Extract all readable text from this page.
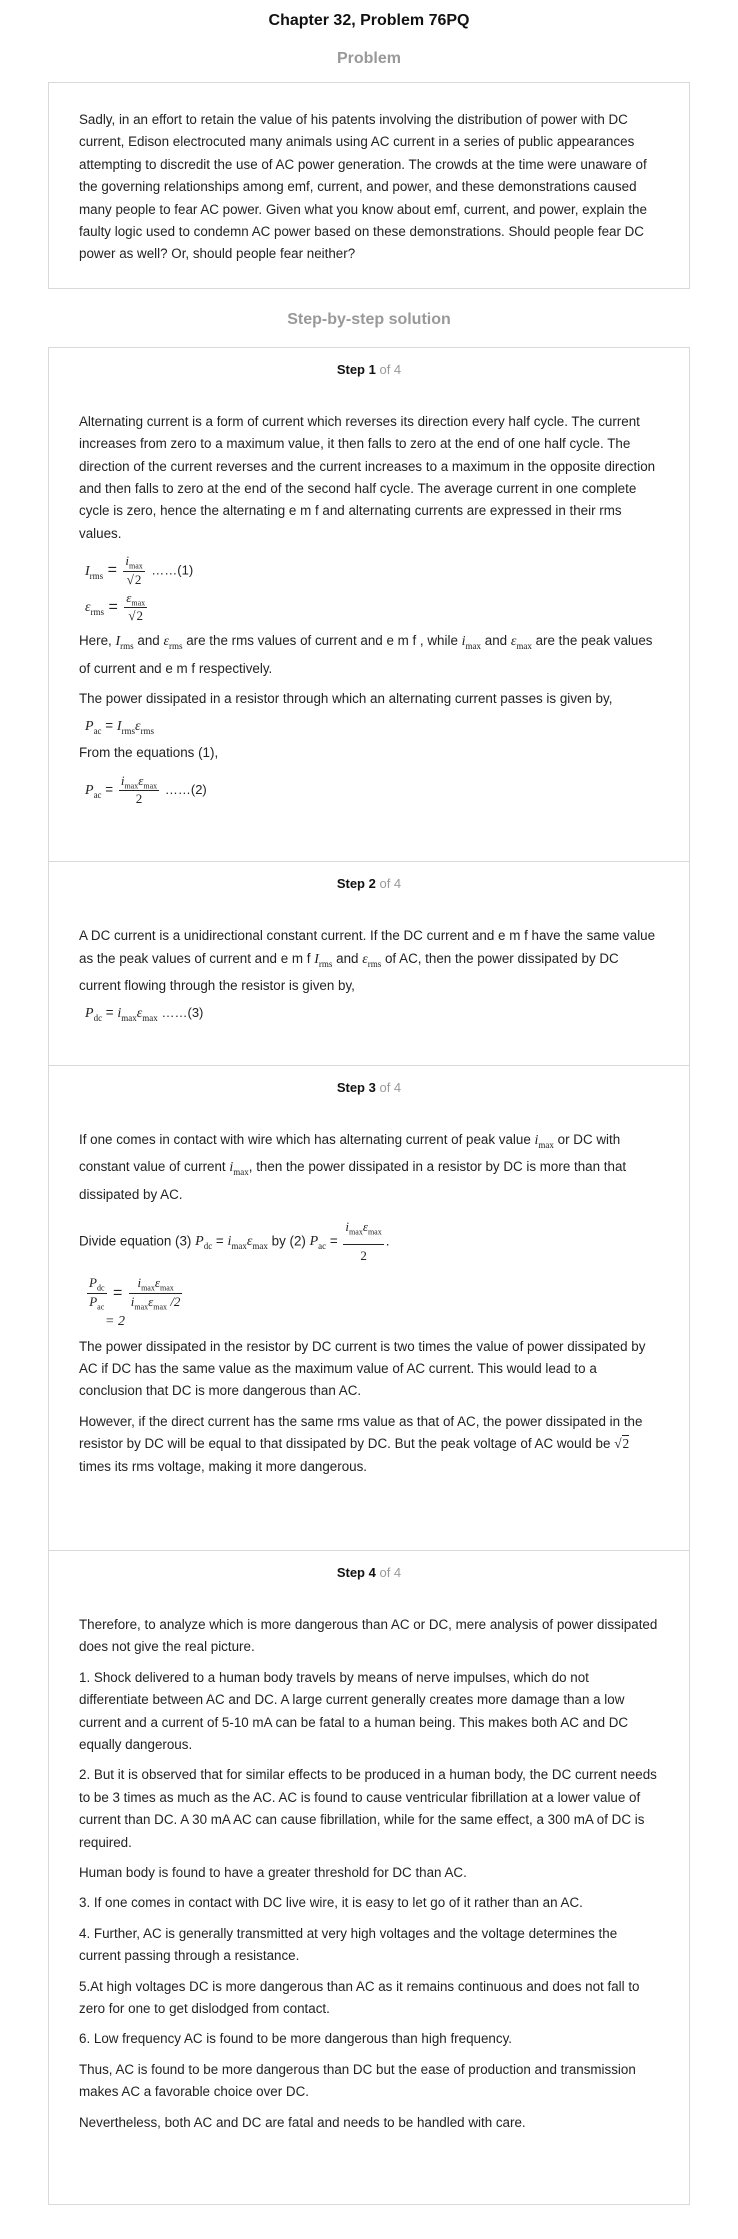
Chapter 32, Problem 76PQ
Problem

Sadly, in an effort to retain the value of his patents involving the distribution of power with DC current, Edison electrocuted many animals using AC current in a series of public appearances attempting to discredit the use of AC power generation. The crowds at the time were unaware of the governing relationships among emf, current, and power, and these demonstrations caused many people to fear AC power. Given what you know about emf, current, and power, explain the faulty logic used to condemn AC power based on these demonstrations. Should people fear DC power as well? Or, should people fear neither?

Step-by-step solution
Step 1 of 4

Alternating current is a form of current which reverses its direction every half cycle. The current increases from zero to a maximum value, it then falls to zero at the end of one half cycle. The direction of the current reverses and the current increases to a maximum in the opposite direction and then falls to zero at the end of the second half cycle. The average current in one complete cycle is zero, hence the alternating e m f and alternating currents are expressed in their rms values.

$I_{rms} = \frac{i_{max}}{√2}$ ……(1)
$\varepsilon_{rms} = \frac{\varepsilon_{max}}{√2}$

Here, $I_{rms}$ and $\varepsilon_{rms}$ are the rms values of current and e m f , while $i_{max}$ and $\varepsilon_{max}$ are the peak values of current and e m f respectively.

The power dissipated in a resistor through which an alternating current passes is given by,

$P_{ac} = I_{rms}\varepsilon_{rms}$

From the equations (1),

$P_{ac} = \frac{i_{max}\varepsilon_{max}}{2}$ ……(2)
Step 2 of 4

A DC current is a unidirectional constant current. If the DC current and e m f have the same value as the peak values of current and e m f $I_{rms}$ and $\varepsilon_{rms}$ of AC, then the power dissipated by DC current flowing through the resistor is given by,

$P_{dc} = i_{max}\varepsilon_{max}$ ……(3)
Step 3 of 4

If one comes in contact with wire which has alternating current of peak value $i_{max}$ or DC with constant value of current $i_{max}$, then the power dissipated in a resistor by DC is more than that dissipated by AC.

Divide equation (3) $P_{dc} = i_{max}\varepsilon_{max}$ by (2) $P_{ac} = \frac{i_{max}\varepsilon_{max}}{2}$ .

$\frac{P_{dc}}{P_{ac}} = \frac{i_{max}\varepsilon_{max}}{i_{max}\varepsilon_{max} /2}$
= 2

The power dissipated in the resistor by DC current is two times the value of power dissipated by AC if DC has the same value as the maximum value of AC current. This would lead to a conclusion that DC is more dangerous than AC.

However, if the direct current has the same rms value as that of AC, the power dissipated in the resistor by DC will be equal to that dissipated by DC. But the peak voltage of AC would be √2 times its rms voltage, making it more dangerous.

Step 4 of 4

Therefore, to analyze which is more dangerous than AC or DC, mere analysis of power dissipated does not give the real picture.

1. Shock delivered to a human body travels by means of nerve impulses, which do not differentiate between AC and DC. A large current generally creates more damage than a low current and a current of 5-10 mA can be fatal to a human being. This makes both AC and DC equally dangerous.

2. But it is observed that for similar effects to be produced in a human body, the DC current needs to be 3 times as much as the AC. AC is found to cause ventricular fibrillation at a lower value of current than DC. A 30 mA AC can cause fibrillation, while for the same effect, a 300 mA of DC is required.

Human body is found to have a greater threshold for DC than AC.

3. If one comes in contact with DC live wire, it is easy to let go of it rather than an AC.

4. Further, AC is generally transmitted at very high voltages and the voltage determines the current passing through a resistance.

5.At high voltages DC is more dangerous than AC as it remains continuous and does not fall to zero for one to get dislodged from contact.

6. Low frequency AC is found to be more dangerous than high frequency.

Thus, AC is found to be more dangerous than DC but the ease of production and transmission makes AC a favorable choice over DC.

Nevertheless, both AC and DC are fatal and needs to be handled with care.
